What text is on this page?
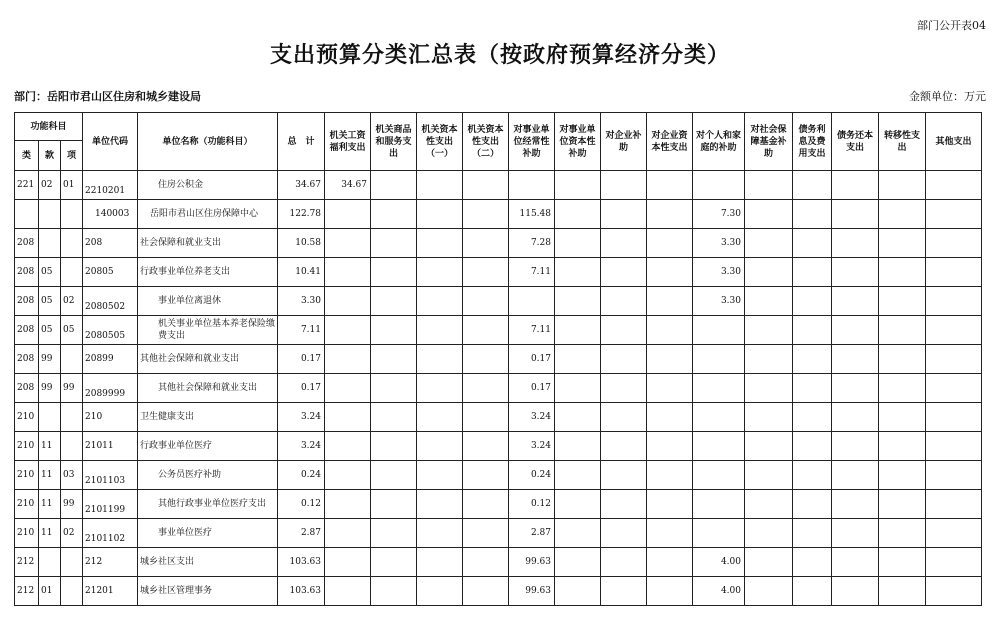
部门公开表04
支出预算分类汇总表（按政府预算经济分类）
部门：岳阳市君山区住房和城乡建设局	金额单位：万元
功能科目			单位代码	单位名称（功能科目）	总　计	机关工资福利支出	机关商品和服务支出	机关资本性支出（一）	机关资本性支出（二）	对事业单位经常性补助	对事业单位资本性补助	对企业补助	对企业资本性支出	对个人和家庭的补助	对社会保障基金补助	债务利息及费用支出	债务还本支出	转移性支出	其他支出
类	款	项																	
221	02	01	2210201	住房公积金	34.67	34.67													
			140003	岳阳市君山区住房保障中心	122.78					115.48				7.30					
208			208	社会保障和就业支出	10.58					7.28				3.30					
208	05		20805	行政事业单位养老支出	10.41					7.11				3.30					
208	05	02	2080502	事业单位离退休	3.30									3.30					
208	05	05	2080505	机关事业单位基本养老保险缴费支出	7.11					7.11									
208	99		20899	其他社会保障和就业支出	0.17					0.17									
208	99	99	2089999	其他社会保障和就业支出	0.17					0.17									
210			210	卫生健康支出	3.24					3.24									
210	11		21011	行政事业单位医疗	3.24					3.24									
210	11	03	2101103	公务员医疗补助	0.24					0.24									
210	11	99	2101199	其他行政事业单位医疗支出	0.12					0.12									
210	11	02	2101102	事业单位医疗	2.87					2.87									
212			212	城乡社区支出	103.63					99.63				4.00					
212	01		21201	城乡社区管理事务	103.63					99.63				4.00					
